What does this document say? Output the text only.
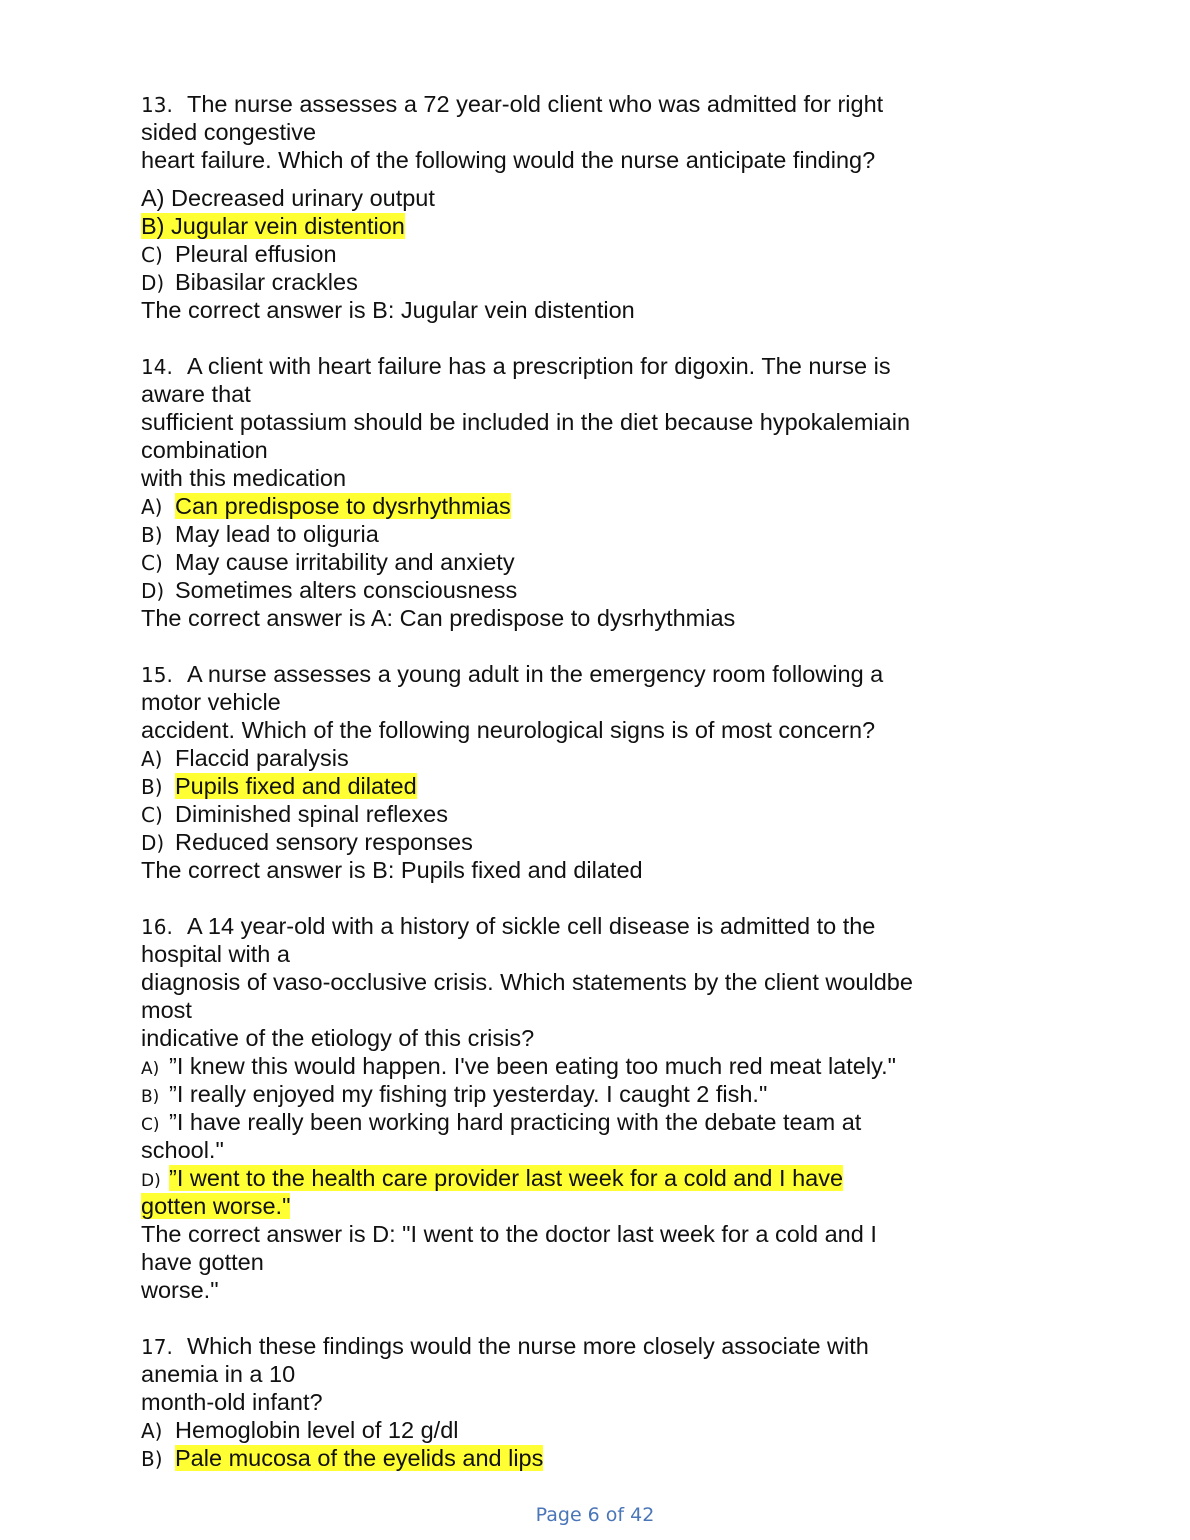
13. The nurse assesses a 72 year-old client who was admitted for right
sided congestive
heart failure. Which of the following would the nurse anticipate finding?
A) Decreased urinary output
B) Jugular vein distention
C) Pleural effusion
D) Bibasilar crackles
The correct answer is B: Jugular vein distention
14. A client with heart failure has a prescription for digoxin. The nurse is
aware that
sufficient potassium should be included in the diet because hypokalemiain
combination
with this medication
A) Can predispose to dysrhythmias
B) May lead to oliguria
C) May cause irritability and anxiety
D) Sometimes alters consciousness
The correct answer is A: Can predispose to dysrhythmias
15. A nurse assesses a young adult in the emergency room following a
motor vehicle
accident. Which of the following neurological signs is of most concern?
A) Flaccid paralysis
B) Pupils fixed and dilated
C) Diminished spinal reflexes
D) Reduced sensory responses
The correct answer is B: Pupils fixed and dilated
16. A 14 year-old with a history of sickle cell disease is admitted to the
hospital with a
diagnosis of vaso-occlusive crisis. Which statements by the client wouldbe
most
indicative of the etiology of this crisis?
A) ”I knew this would happen. I've been eating too much red meat lately."
B) ”I really enjoyed my fishing trip yesterday. I caught 2 fish."
C) ”I have really been working hard practicing with the debate team at
school."
D) ”I went to the health care provider last week for a cold and I have
gotten worse."
The correct answer is D: "I went to the doctor last week for a cold and I
have gotten
worse."
17. Which these findings would the nurse more closely associate with
anemia in a 10
month-old infant?
A) Hemoglobin level of 12 g/dl
B) Pale mucosa of the eyelids and lips
Page 6 of 42
